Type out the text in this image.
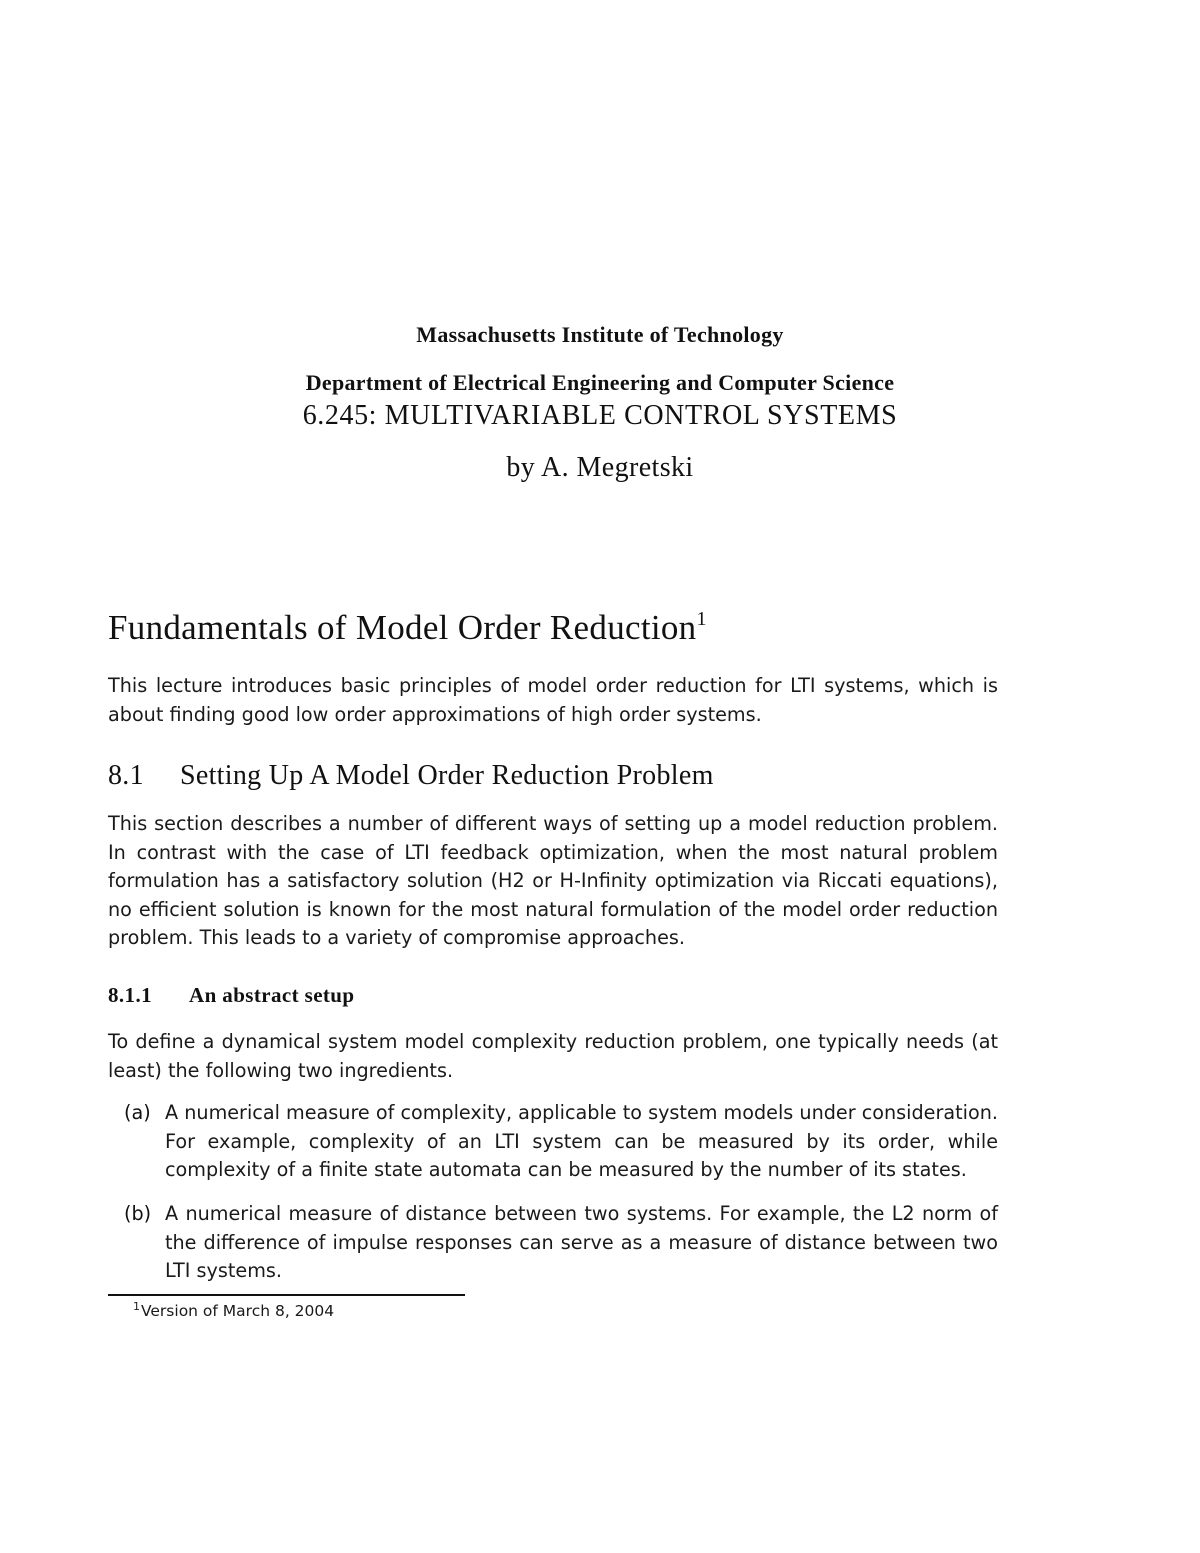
Massachusetts Institute of Technology
Department of Electrical Engineering and Computer Science
6.245: MULTIVARIABLE CONTROL SYSTEMS
by A. Megretski
Fundamentals of Model Order Reduction$^1$
This lecture introduces basic principles of model order reduction for LTI systems, which is about finding good low order approximations of high order systems.
8.1 Setting Up A Model Order Reduction Problem
This section describes a number of different ways of setting up a model reduction problem. In contrast with the case of LTI feedback optimization, when the most natural problem formulation has a satisfactory solution (H2 or H-Infinity optimization via Riccati equations), no efficient solution is known for the most natural formulation of the model order reduction problem. This leads to a variety of compromise approaches.
8.1.1 An abstract setup
To define a dynamical system model complexity reduction problem, one typically needs (at least) the following two ingredients.
(a) A numerical measure of complexity, applicable to system models under consideration. For example, complexity of an LTI system can be measured by its order, while complexity of a finite state automata can be measured by the number of its states.
(b) A numerical measure of distance between two systems. For example, the L2 norm of the difference of impulse responses can serve as a measure of distance between two LTI systems.
$^1$Version of March 8, 2004
